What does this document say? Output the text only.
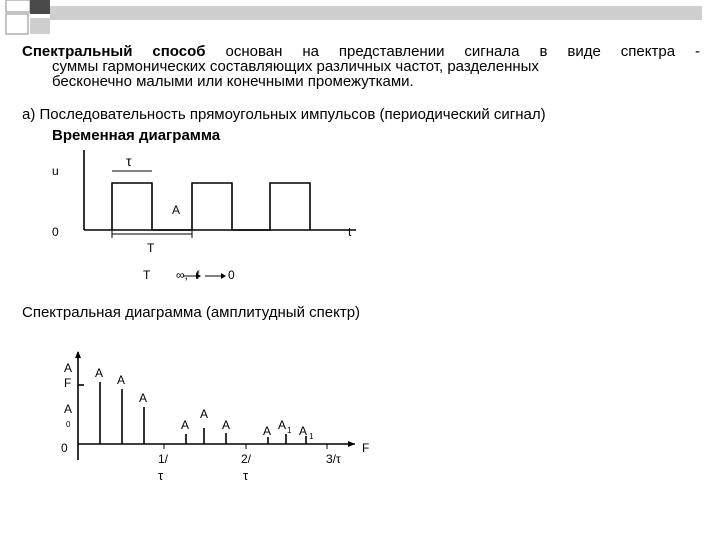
Спектральный способ основан на представлении сигнала в виде спектра -
суммы гармонических составляющих различных частот, разделенных
бесконечно малыми или конечными промежутками.
а) Последовательность прямоугольных импульсов (периодический сигнал)
Временная диаграмма
u
τ
A
0	t
T
T ∞, f 0
Спектральная диаграмма (амплитудный спектр)
A
F
A
0
0	F
A A
A
A
A
A	A A 1 A 1
1/
τ
2/
τ
3/τ
